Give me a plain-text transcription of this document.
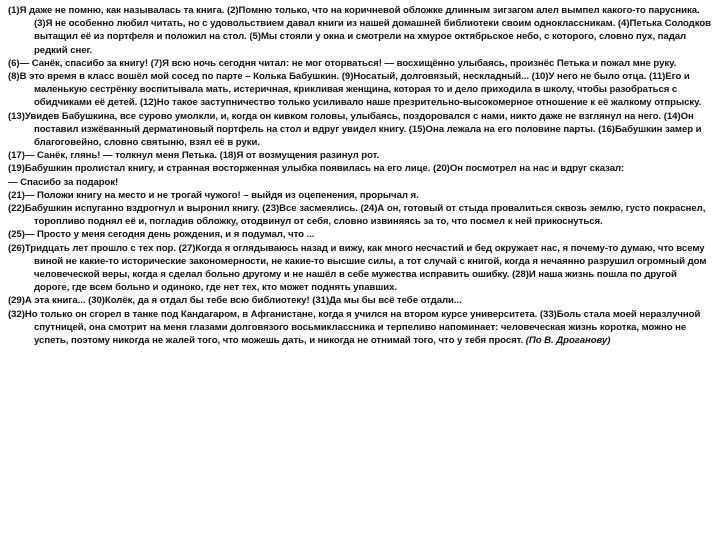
(1)Я даже не помню, как называлась та книга. (2)Помню только, что на коричневой обложке длинным зигзагом алел вымпел какого-то парусника. (3)Я не особенно любил читать, но с удовольствием давал книги из нашей домашней библиотеки своим одноклассникам. (4)Петька Солодков вытащил её из портфеля и положил на стол. (5)Мы стояли у окна и смотрели на хмурое октябрьское небо, с которого, словно пух, падал редкий снег.

(6)— Санёк, спасибо за книгу! (7)Я всю ночь сегодня читал: не мог оторваться! — восхищённо улыбаясь, произнёс Петька и пожал мне руку.

(8)В это время в класс вошёл мой сосед по парте – Колька Бабушкин. (9)Носатый, долговязый, нескладный... (10)У него не было отца. (11)Его и маленькую сестрёнку воспитывала мать, истеричная, крикливая женщина, которая то и дело приходила в школу, чтобы разобраться с обидчиками её детей. (12)Но такое заступничество только усиливало наше презрительно-высокомерное отношение к её жалкому отпрыску.

(13)Увидев Бабушкина, все сурово умолкли, и, когда он кивком головы, улыбаясь, поздоровался с нами, никто даже не взглянул на него. (14)Он поставил изжёванный дерматиновый портфель на стол и вдруг увидел книгу. (15)Она лежала на его половине парты. (16)Бабушкин замер и благоговейно, словно святыню, взял её в руки.

(17)— Санёк, глянь! — толкнул меня Петька. (18)Я от возмущения разинул рот.

(19)Бабушкин пролистал книгу, и странная восторженная улыбка появилась на его лице. (20)Он посмотрел на нас и вдруг сказал:

— Спасибо за подарок!

(21)— Положи книгу на место и не трогай чужого! – выйдя из оцепенения, прорычал я.

(22)Бабушкин испуганно вздрогнул и выронил книгу. (23)Все засмеялись. (24)А он, готовый от стыда провалиться сквозь землю, густо покраснел, торопливо поднял её и, погладив обложку, отодвинул от себя, словно извиняясь за то, что посмел к ней прикоснуться.

(25)— Просто у меня сегодня день рождения, и я подумал, что ...

(26)Тридцать лет прошло с тех пор. (27)Когда я оглядываюсь назад и вижу, как много несчастий и бед окружает нас, я почему-то думаю, что всему виной не какие-то исторические закономерности, не какие-то высшие силы, а тот случай с книгой, когда я нечаянно разрушил огромный дом человеческой веры, когда я сделал больно другому и не нашёл в себе мужества исправить ошибку. (28)И наша жизнь пошла по другой дороге, где всем больно и одиноко, где нет тех, кто может поднять упавших.

(29)А эта книга... (30)Колёк, да я отдал бы тебе всю библиотеку! (31)Да мы бы всё тебе отдали...

(32)Но только он сгорел в танке под Кандагаром, в Афганистане, когда я учился на втором курсе университета. (33)Боль стала моей неразлучной спутницей, она смотрит на меня глазами долговязого восьмиклассника и терпеливо напоминает: человеческая жизнь коротка, можно не успеть, поэтому никогда не жалей того, что можешь дать, и никогда не отнимай того, что у тебя просят. (По В. Дроганову)
